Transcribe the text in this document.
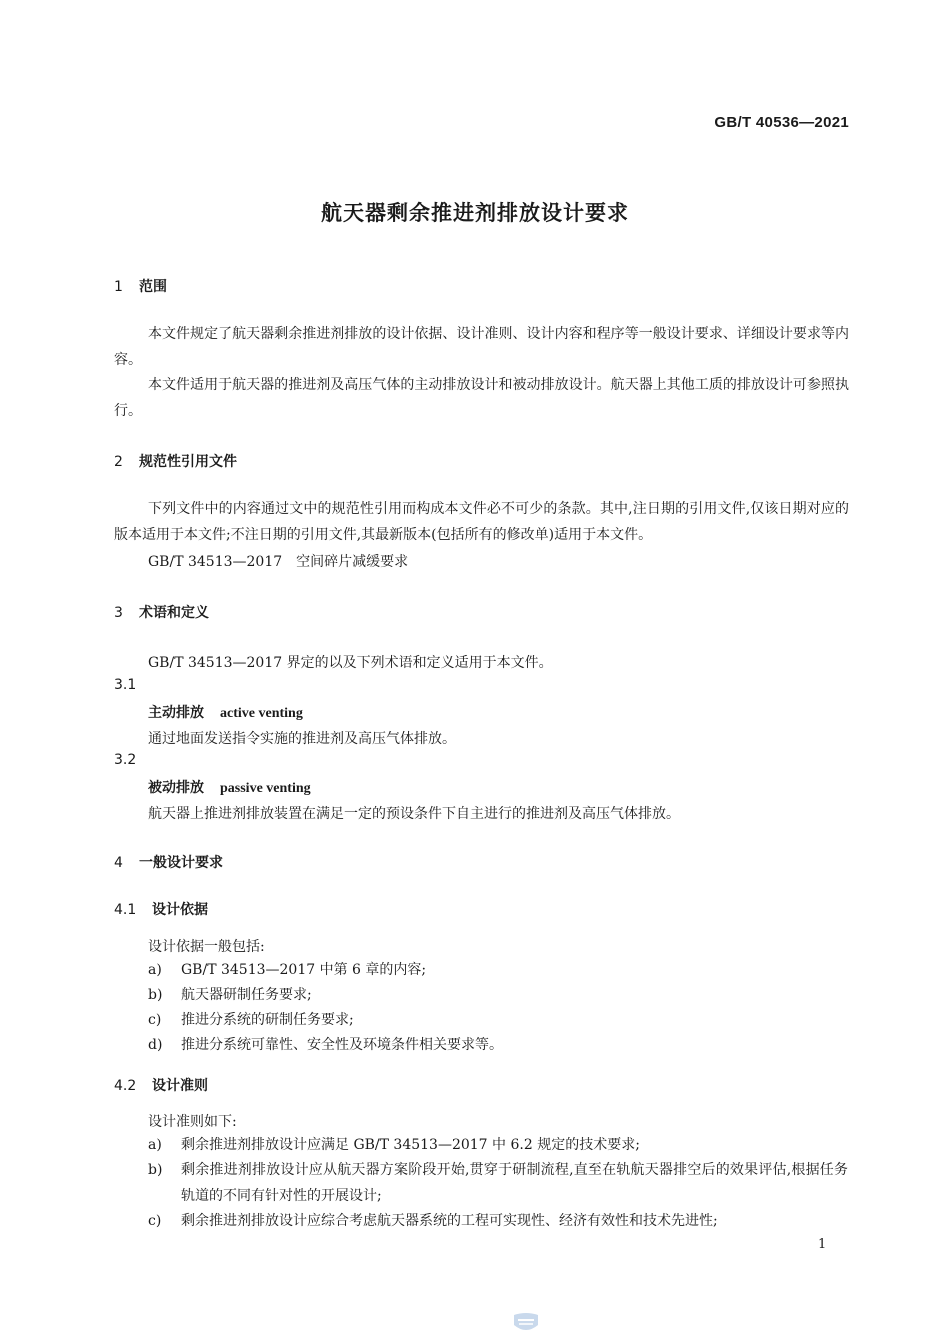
GB/T 40536—2021
航天器剩余推进剂排放设计要求
1 范围
本文件规定了航天器剩余推进剂排放的设计依据、设计准则、设计内容和程序等一般设计要求、详细设计要求等内容。
本文件适用于航天器的推进剂及高压气体的主动排放设计和被动排放设计。航天器上其他工质的排放设计可参照执行。
2 规范性引用文件
下列文件中的内容通过文中的规范性引用而构成本文件必不可少的条款。其中,注日期的引用文件,仅该日期对应的版本适用于本文件;不注日期的引用文件,其最新版本(包括所有的修改单)适用于本文件。
GB/T 34513—2017　空间碎片减缓要求
3 术语和定义
GB/T 34513—2017 界定的以及下列术语和定义适用于本文件。
3.1
主动排放 active venting
通过地面发送指令实施的推进剂及高压气体排放。
3.2
被动排放 passive venting
航天器上推进剂排放装置在满足一定的预设条件下自主进行的推进剂及高压气体排放。
4 一般设计要求
4.1 设计依据
设计依据一般包括:
a)	GB/T 34513—2017 中第 6 章的内容;
b)	航天器研制任务要求;
c)	推进分系统的研制任务要求;
d)	推进分系统可靠性、安全性及环境条件相关要求等。
4.2 设计准则
设计准则如下:
a)	剩余推进剂排放设计应满足 GB/T 34513—2017 中 6.2 规定的技术要求;
b)	剩余推进剂排放设计应从航天器方案阶段开始,贯穿于研制流程,直至在轨航天器排空后的效果评估,根据任务轨道的不同有针对性的开展设计;
c)	剩余推进剂排放设计应综合考虑航天器系统的工程可实现性、经济有效性和技术先进性;
1
